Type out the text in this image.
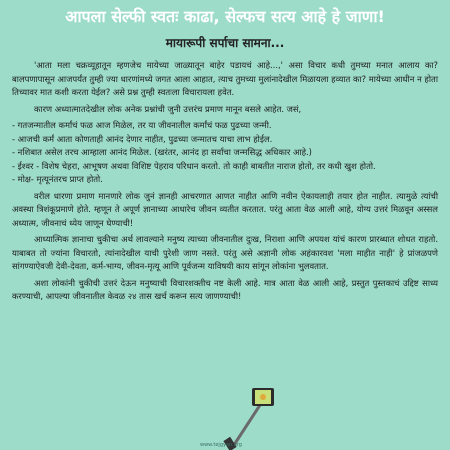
आपला सेल्फी स्वतः काढा, सेल्फच सत्य आहे हे जाणा!
मायारूपी सर्पाचा सामना...

'आता मला चक्रव्यूहातून म्हणजेच मायेच्या जाळ्यातून बाहेर पडायचं आहे...,' असा विचार कधी तुमच्या मनात आलाय का? बालपणापासून आजपर्यंत तुम्ही ज्या धारणांमध्ये जगत आला आहात, त्याच तुमच्या मुलांनादेखील मिळायला हव्यात का? मायेच्या आधीन न होता तिच्यावर मात कशी करता येईल? असे प्रश्न तुम्ही स्वतःला विचारायला हवेत.

कारण अध्यात्मातदेखील लोक अनेक प्रश्नांची जुनी उत्तरंच प्रमाण मानून बसले आहेत. जसं,

- गतजन्मातील कर्मांचं फळ आज मिळेल, तर या जीवनातील कर्मांचं फळ पुढच्या जन्मी.
- आजची कर्मं आता कोणताही आनंद देणार नाहीत, पुढच्या जन्मातच याचा लाभ होईल.
- नशिबात असेल तरच आम्हाला आनंद मिळेल. (खरंतर, आनंद हा सर्वांचा जन्मसिद्ध अधिकार आहे.)
- ईश्वर - विशेष चेहरा, आभूषण अथवा विशिष्ट पेहराव परिधान करतो. तो काही बाबतीत नाराज होतो, तर कधी खुश होतो.
- मोक्ष- मृत्यूनंतरच प्राप्त होतो.

वरील धारणा प्रमाण मानणारे लोक जुनं ज्ञानही आचरणात आणत नाहीत आणि नवीन ऐकायलाही तयार होत नाहीत. त्यामुळे त्यांची अवस्था त्रिशंकूप्रमाणे होते. म्हणून ते अपूर्ण ज्ञानाच्या आधारेच जीवन व्यतीत करतात. परंतु आता वेळ आली आहे, योग्य उत्तरं मिळवून अस्सल अध्यात्म, जीवनाचं ध्येय जाणून घेण्याची!

आध्यात्मिक ज्ञानाचा चुकीचा अर्थ लावल्याने मनुष्य त्याच्या जीवनातील दुःख, निराशा आणि अपयश यांचं कारण प्रारब्धात शोधत राहतो. याबाबत तो ज्यांना विचारतो, त्यांनादेखील याची पुरेशी जाण नसते. परंतु असे अज्ञानी लोक अहंकारवश 'मला माहीत नाही' हे प्रांजळपणे सांगण्याऐवजी देवी-देवता, कर्म-भाग्य, जीवन-मृत्यू आणि पूर्वजन्म याविषयी काय सांगून लोकांना भुलवतात.

अशा लोकांनी चुकीची उत्तरं देऊन मनुष्याची विचारशक्तीच नष्ट केली आहे. मात्र आता वेळ आली आहे, प्रस्तुत पुस्तकाचं उद्दिष्ट साध्य करण्याची, आपल्या जीवनातील केवळ २४ तास खर्च करून सत्य जाणण्याची!

www.tejgyan.org
